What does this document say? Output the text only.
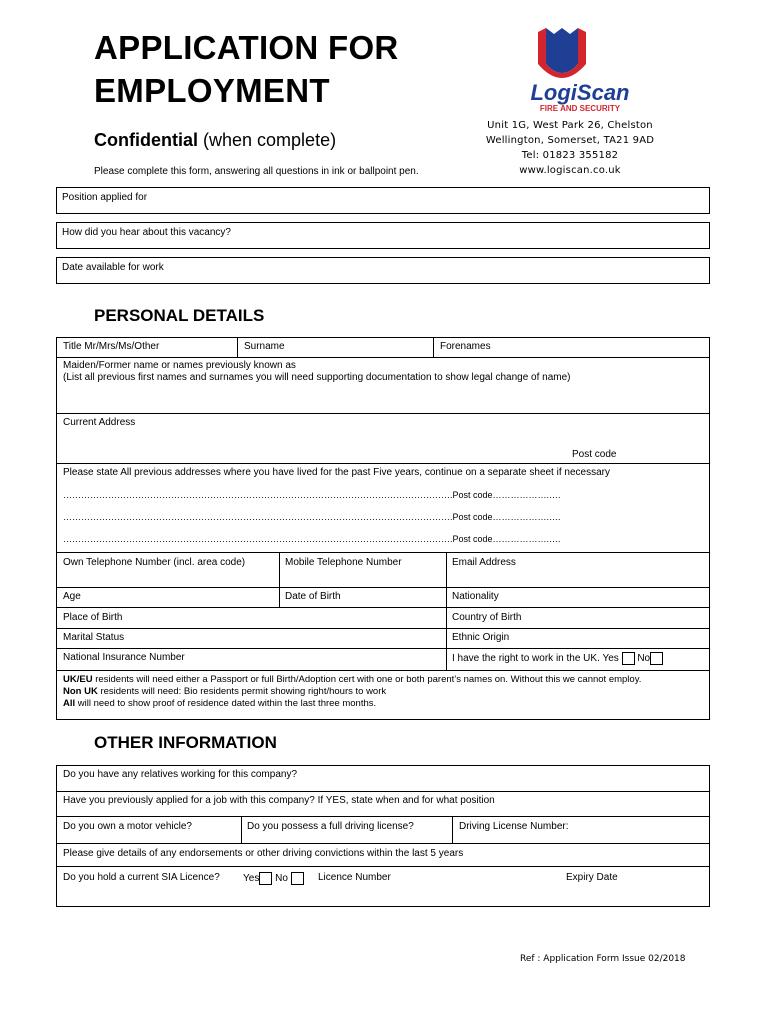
APPLICATION FOR
EMPLOYMENT
Confidential (when complete)
Please complete this form, answering all questions in ink or ballpoint pen.
LogiScan
FIRE AND SECURITY
Unit 1G, West Park 26, Chelston
Wellington, Somerset, TA21 9AD
Tel: 01823 355182
www.logiscan.co.uk
Position applied for
How did you hear about this vacancy?
Date available for work
PERSONAL DETAILS
Title Mr/Mrs/Ms/Other	Surname	Forenames
Maiden/Former name or names previously known as
(List all previous first names and surnames you will need supporting documentation to show legal change of name)
Current Address
Post code
Please state All previous addresses where you have lived for the past Five years, continue on a separate sheet if necessary
………………………………………………………………………………………………………………….Post code……………….….
………………………………………………………………………………………………………………….Post code……………….….
………………………………………………………………………………………………………………….Post code……………….….
Own Telephone Number (incl. area code)	Mobile Telephone Number	Email Address
Age	Date of Birth	Nationality
Place of Birth	Country of Birth
Marital Status	Ethnic Origin
National Insurance Number	I have the right to work in the UK. Yes No
UK/EU residents will need either a Passport or full Birth/Adoption cert with one or both parent’s names on. Without this we cannot employ.
Non UK residents will need: Bio residents permit showing right/hours to work
All will need to show proof of residence dated within the last three months.
OTHER INFORMATION
Do you have any relatives working for this company?
Have you previously applied for a job with this company? If YES, state when and for what position
Do you own a motor vehicle?	Do you possess a full driving license?	Driving License Number:
Please give details of any endorsements or other driving convictions within the last 5 years
Do you hold a current SIA Licence? Yes No	Licence Number	Expiry Date
Ref : Application Form Issue 02/2018
